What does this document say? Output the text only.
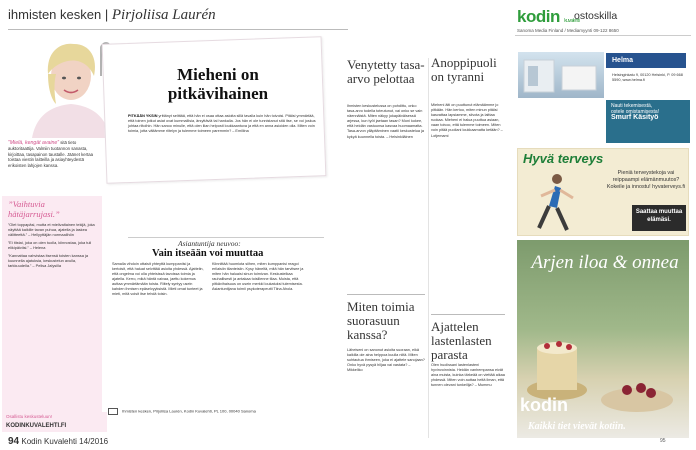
ihmisten kesken | Pirjoliisa Laurén
”Mielä, kengät avaine” sitä tieto auktoritaattija. Valmiin tuotannon sanasta, kirjoittaa, tasapainon taustalle. Jäänet kertaa toistaa viestin laitteilla ja asiayhteydestä erikoisten lahjojen kanssa.
”Vaihtuvia hätäjarrujasi.”

”Olet toppapäsi, mutta et mielivaltainen tekijä, joka näyttää kaikille tavan puhua, ajatella ja laskea välitteettä.” – Hellyyttäjän normaalihön

”Ei tiistai, joka on olen tuolla, kiinnostaa, joka tuli elikipäiviisi.” – Helena

”Kannattaa vahvistaa itsensä toisten kanssa ja kuunnella ajatuksia, keskustelun avulla, tarkkuudella.” – Pelisa Jalysilla

Mieheni on pitkävihainen
PITKÄÄN YKSIN yrittänyt selittää, että hän ei osaa ottaa asioita sillä tavalla kuin hän toivoisi. Pitäisi ymmärtää, että toinen jotkut asiat ovat kummallisia, ärsyttäviä tai hankalia. Jos hän ei ole tunnistanut sitä itse, se voi joskus johtaa riitoihin. Hän sanoo minulle, että olen liian helposti loukkaantuva ja että en anna asioiden olla. Miten voin toimia, jotta vältämme riitelyn ja tulemme toimeen paremmin? – Emiliina
Asiantuntija neuvoo:
Vain itseään voi muuttaa
Samalla vihdoin ottaisit yhteyttä kumppaniisi ja kertoisit, että haluat selvittää asioita yhdessä. Ajattelin, että ongelma voi olla yhteisissä tavoissa toimia ja ajatella. Kerro, mikä häntä vaivaa, jaettu kokemus auttaa ymmärtämään toista. Riitely syntyy usein kahden ihmisen epäselvyyksistä. Mieti omat tunteet ja mieti, mitä voisit itse tehdä toisin.
Kiinnittää huomiota siihen, miten kumppanisi reagoi erilaisiin tilanteisiin. Kysy häneltä, mitä hän tarvitsee ja miten hän haluaisi sinun toimivan. Keskustelkaa rauhallisesti ja antakaa toisillenne tilaa. Muista, että pitkävihaisuus on usein merkki loukatuksi tulemisesta. Asiantuntijana toimii psykoterapeutti Tiina Ahola.
Osallistu keskusteluun!
KODINKUVALEHTI.FI
Ihmisten kesken, Pirjoliisa Laurén, Kodin Kuvalehti, PL 100, 00040 Sanoma
94 Kodin Kuvalehti 14/2016
Venytetty tasa-arvo pelottaa
Ihmisten keskustelussa on pohdittu, onko tasa-arvo todella toteutunut, vai onko se vain näennäistä. Miten näkyy jokapäiväisessä arjessa, kun työt jaetaan tasan? Moni kokee, että heidän vastuunsa kasvaa huomaamatta. Tasa-arvon ylläpitäminen vaatii keskustelua ja kykyä kuunnella toista. – Helsinkiläinen
Miten toimia suorasuun kanssa?
Läheiseni on sanonut asioita suoraan, eikä kaikilla ole aina helppoa kuulla niitä. Miten suhtautua ihmiseen, joka ei ajattele sanojaan? Onko hyvä pysyä hiljaa vai vastata? – Mikkeliko
Anoppipuoli on tyranni
Mieheni äiti on puuttunut elämäämme jo pitkään. Hän kertoo, miten minun pitäisi kasvattaa lapsiamme, siivota ja laittaa ruokaa. Mieheni ei halua puuttua asiaan, vaan toivoo, että tulemme toimeen. Miten voin pitää puoliani loukkaamatta ketään? – Lotjemami
Ajattelen lastenlasten parasta
Olen huolissani lastenlasteni hyvinvoinnista. Heidän vanhempansa eivät aina muista, kuinka tärkeää on viettää aikaa yhdessä. Miten voin auttaa heitä ilman, että tunnen olevani tunkeilija? – Mummu
kodin kuvalehti
ostoskilla
Sanoma Media Finland / Mediamyynti 09-122 8650
Helma
Helsinginkatu 9, 00120 Helsinki, P. 09 668 5590, www.helma.fi
Nauti tekemisestä,
ostele omistamisesta!
Smurf Käsityö
Hyvä terveys
Pieniä terveystekoja vai reippaampi elämänmuutos? Kokeile ja innostu! hyvaterveys.fi
Saattaa muuttaa elämäsi.
Arjen iloa & onnea
kodin
Kaikki tiet vievät kotiin.
95
